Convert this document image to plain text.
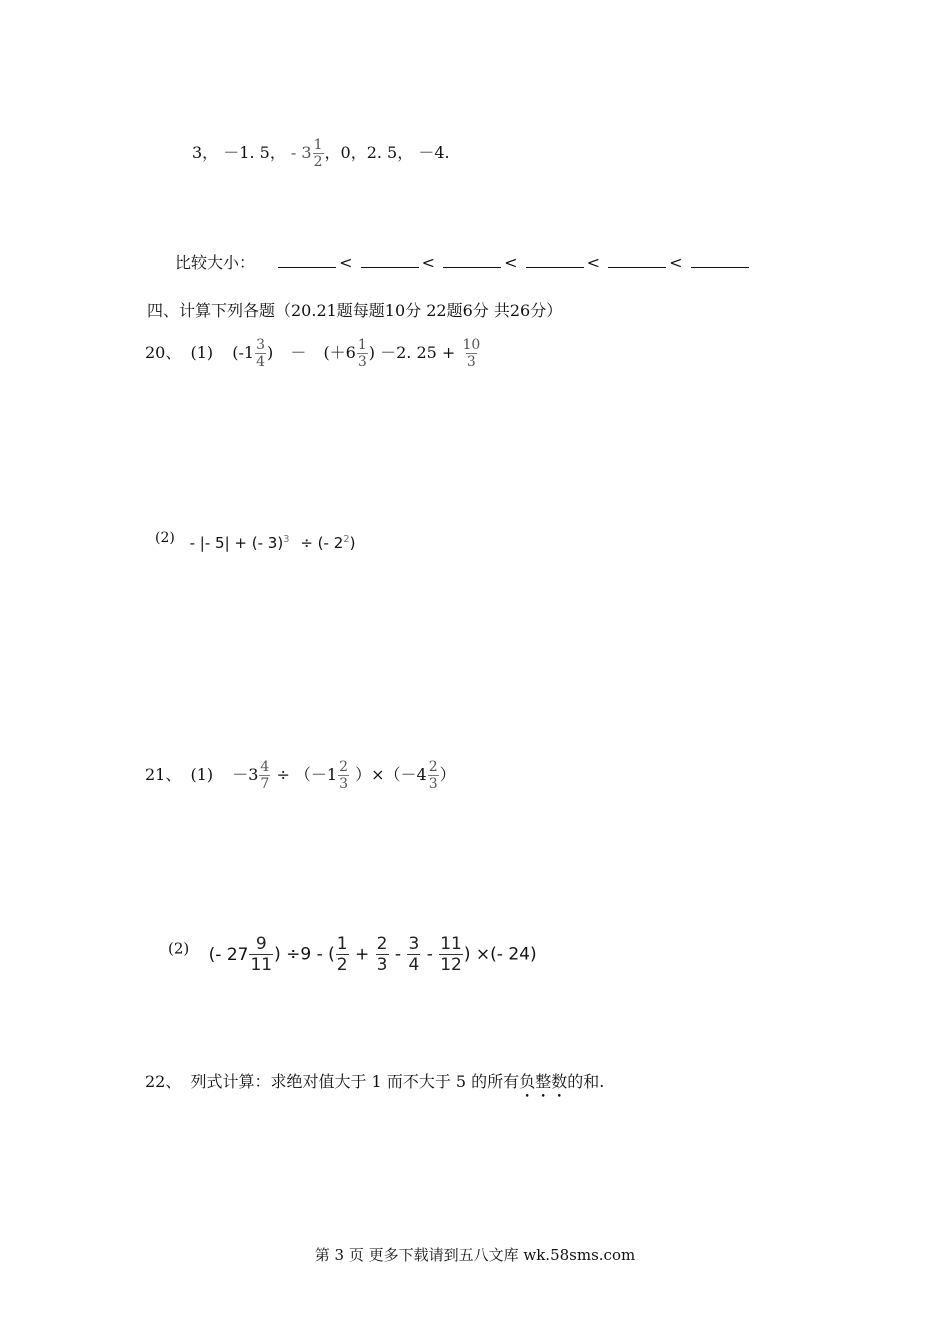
3， －1. 5， - $3 \frac{1}{2}$ ，0，2. 5， －4.
比较大小：	<	<	<	<	<
四、计算下列各题（20.21题每题10分 22题6分 共26分）
20、 (1) ($-1 \frac{3}{4}$ ) － ($+6 \frac{1}{3}$ ) －2. $25 + \frac{10}{3}$
(2) - |- 5| + (- 3)$^3$ ÷ (- $2^2$)
21、 $(1) -3 \frac{4}{7} \div (-1 \frac{2}{3} )\times(-4 \frac{2}{3}$ ）
(2) (- $27 \frac{9}{11}$ ) ÷9 - ( $\frac{1}{2} + \frac{2}{3} - \frac{3}{4} - \frac{11}{12}$ ) ×(- 24)
22、 列式计算：求绝对值大于 1 而不大于 5 的所有负整数的和.
第 3 页 更多下载请到五八文库 wk.58sms.com
